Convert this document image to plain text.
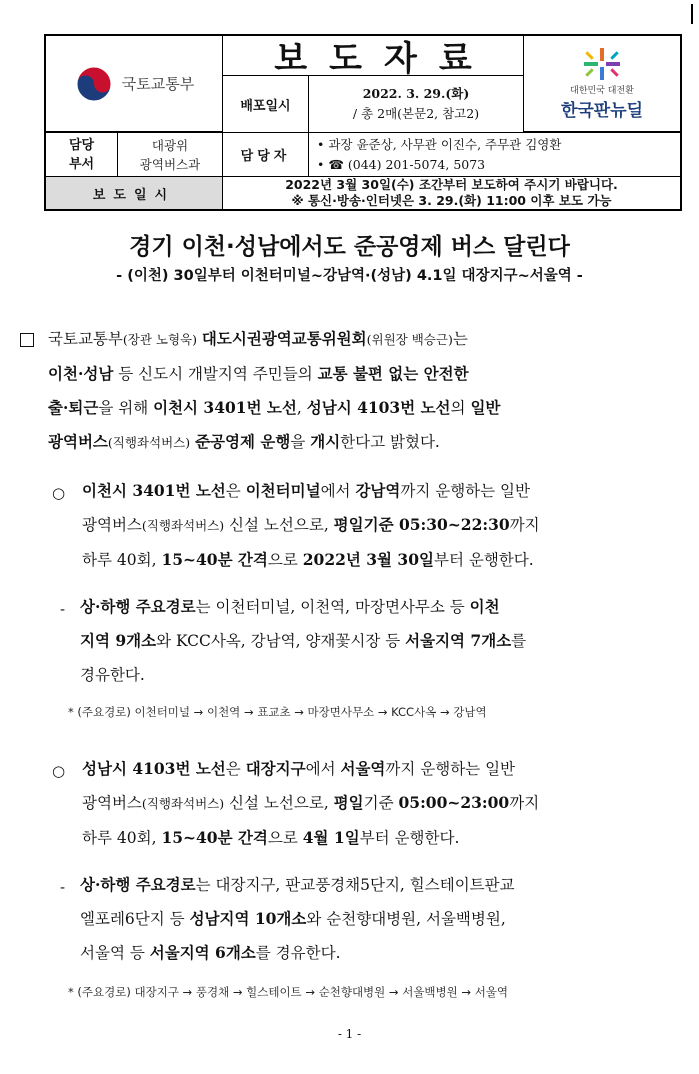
국토교통부
보도자료
대한민국 대전환
한국판뉴딜
배포일시
2022. 3. 29.(화)
/ 총 2매(본문2, 참고2)
담당
부서
대광위
광역버스과	담당자
• 과장 윤준상, 사무관 이진수, 주무관 김영환
• ☎ (044) 201-5074, 5073
보도일시
2022년 3월 30일(수) 조간부터 보도하여 주시기 바랍니다.
※ 통신·방송·인터넷은 3. 29.(화) 11:00 이후 보도 가능
경기 이천·성남에서도 준공영제 버스 달린다
- (이천) 30일부터 이천터미널~강남역·(성남) 4.1일 대장지구~서울역 -
국토교통부(장관 노형욱) 대도시권광역교통위원회(위원장 백승근)는
이천·성남 등 신도시 개발지역 주민들의 교통 불편 없는 안전한
출·퇴근을 위해 이천시 3401번 노선, 성남시 4103번 노선의 일반
광역버스(직행좌석버스) 준공영제 운행을 개시한다고 밝혔다.
○ 이천시 3401번 노선은 이천터미널에서 강남역까지 운행하는 일반
광역버스(직행좌석버스) 신설 노선으로, 평일기준 05:30~22:30까지
하루 40회, 15~40분 간격으로 2022년 3월 30일부터 운행한다.
- 상·하행 주요경로는 이천터미널, 이천역, 마장면사무소 등 이천
지역 9개소와 KCC사옥, 강남역, 양재꽃시장 등 서울지역 7개소를
경유한다.
* (주요경로) 이천터미널 → 이천역 → 표교초 → 마장면사무소 → KCC사옥 → 강남역
○ 성남시 4103번 노선은 대장지구에서 서울역까지 운행하는 일반
광역버스(직행좌석버스) 신설 노선으로, 평일기준 05:00~23:00까지
하루 40회, 15~40분 간격으로 4월 1일부터 운행한다.
- 상·하행 주요경로는 대장지구, 판교풍경채5단지, 힐스테이트판교
엘포레6단지 등 성남지역 10개소와 순천향대병원, 서울백병원,
서울역 등 서울지역 6개소를 경유한다.
* (주요경로) 대장지구 → 풍경채 → 힐스테이트 → 순천향대병원 → 서울백병원 → 서울역
- 1 -
